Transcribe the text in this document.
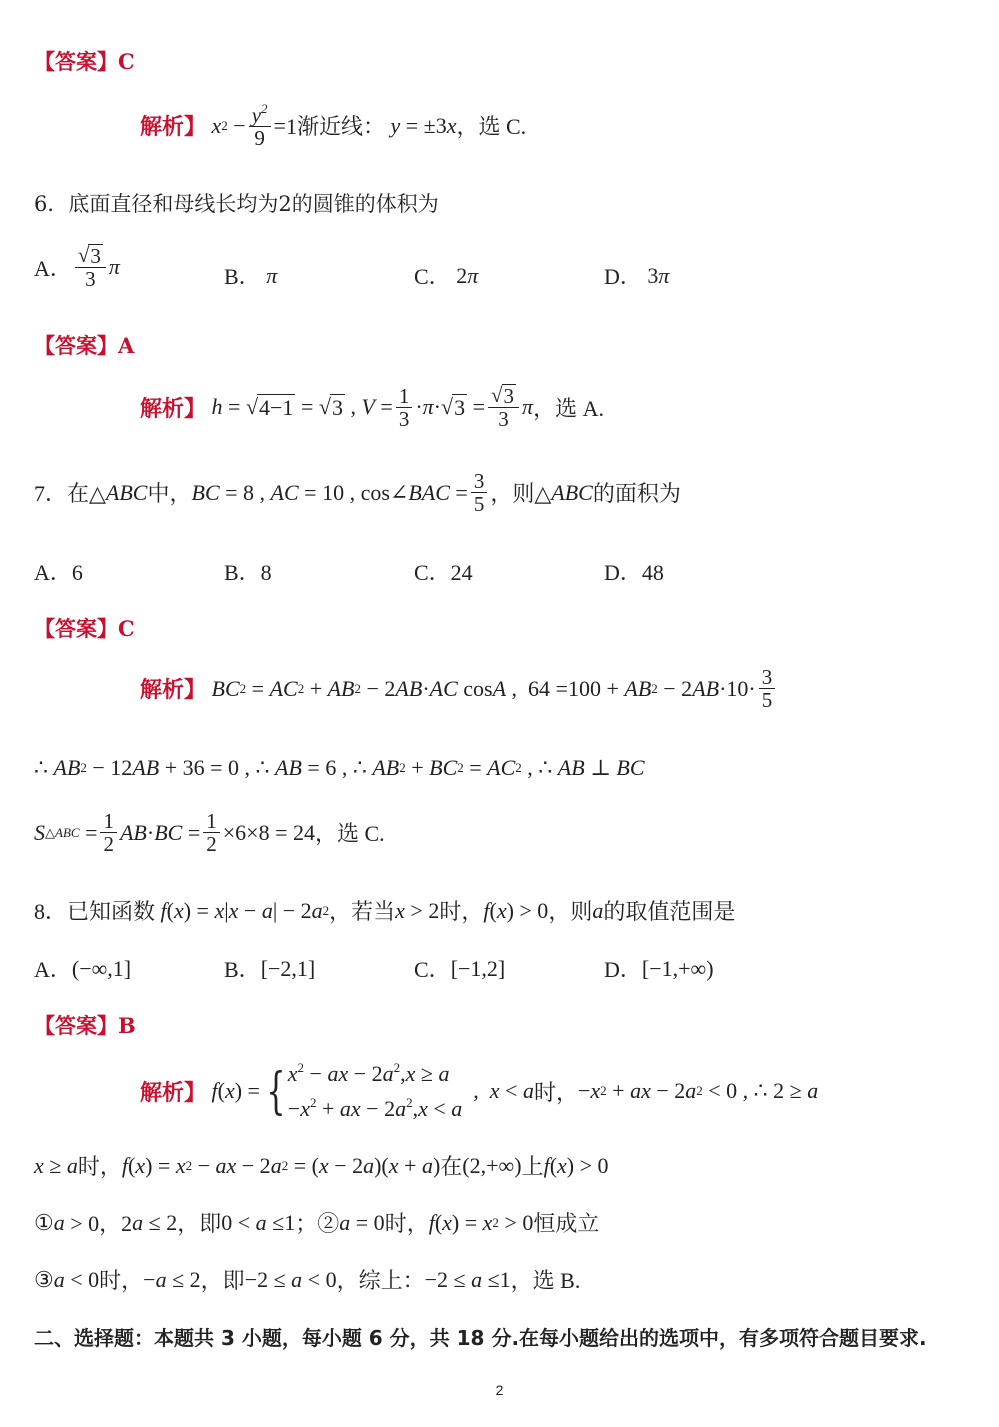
【答案】 C
解析】 x $2 - \frac{y^2}{9} = 1$渐近线： y = ±3 x ，选 C.
6．底面直径和母线长均为2的圆锥的体积为
A． $\frac{√ 3}{3}$ π	B． π	C． 2 π	D． 3 π
【答案】 A
解析】 h = √ 4−1 = √ 3 , $V = \frac{1}{3} \cdot \pi$ · √ $3 = \frac{√ 3}{3}$ π ，选 A.
7．在△ ABC 中， BC = 8 , AC = 10 , cos∠ BAC = $\frac{3}{5}$ ，则△ ABC 的面积为
A．6	B．8	C．24	D．48
【答案】 C
解析】 BC 2 = AC 2 + AB 2 − 2 AB · AC cos A ,  64 =100 + AB 2 − 2 AB $\cdot 10\cdot \frac{3}{5}$
∴ AB 2 − 12 AB + 36 = 0 , ∴ AB = 6 , ∴ AB 2 + BC 2 = AC 2 , ∴ AB ⊥ BC
S △ABC = $\frac{1}{2}$ AB · BC = $\frac{1}{2} \times 6\times 8 = 24$ ，选 C.
8．已知函数 f ( x ) = x | x − a | − 2 a 2 ，若当 x > 2 时， f ( x ) > 0 ，则 a 的取值范围是
A． (−∞,1]	B． [−2,1]	C． [−1,2]	D． [−1,+∞)
【答案】 B
解析】 f ( x ) = { $x^2$ − ax − $2a^2,x \ge a$
$-x^2$ + ax − $2a^2,x < a$
, x < a 时， − x 2 + ax − 2 a 2 < 0 , ∴ 2 ≥ a
x ≥ a 时， f ( x ) = x 2 − ax − 2 a 2 = ( x − 2 a )( x + a ) 在 (2,+∞) 上 f ( x ) > 0
① a > 0，2 a ≤ 2 ，即 0 < a ≤1 ；② a = 0 时， f ( x ) = x 2 > 0 恒成立
③ a < 0 时， − a ≤ 2 ，即 −2 ≤ a < 0 ，综上： −2 ≤ a ≤1 ，选 B.
二、选择题：本题共 3 小题，每小题 6 分，共 18 分.在每小题给出的选项中，有多项符合题目要求.
2
